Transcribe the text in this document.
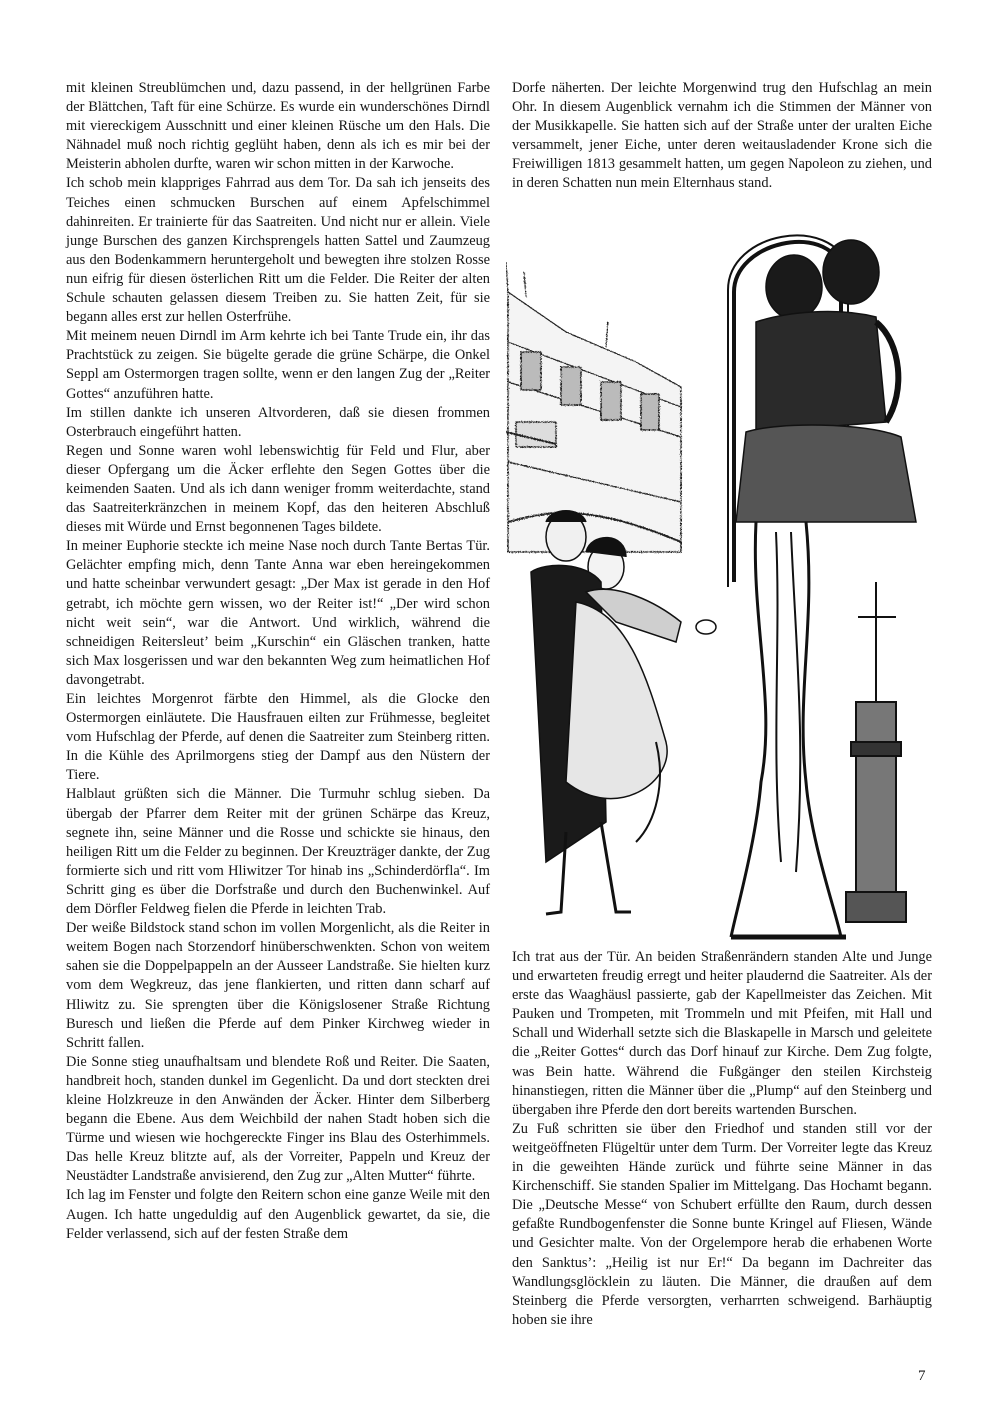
mit kleinen Streublümchen und, dazu passend, in der hellgrünen Farbe der Blättchen, Taft für eine Schürze. Es wurde ein wunderschönes Dirndl mit viereckigem Ausschnitt und einer kleinen Rüsche um den Hals. Die Nähnadel muß noch richtig geglüht haben, denn als ich es mir bei der Meisterin abholen durfte, waren wir schon mitten in der Karwoche.

Ich schob mein klappriges Fahrrad aus dem Tor. Da sah ich jenseits des Teiches einen schmucken Burschen auf einem Apfelschimmel dahinreiten. Er trainierte für das Saatreiten. Und nicht nur er allein. Viele junge Burschen des ganzen Kirchsprengels hatten Sattel und Zaumzeug aus den Bodenkammern heruntergeholt und bewegten ihre stolzen Rosse nun eifrig für diesen österlichen Ritt um die Felder. Die Reiter der alten Schule schauten gelassen diesem Treiben zu. Sie hatten Zeit, für sie begann alles erst zur hellen Osterfrühe.

Mit meinem neuen Dirndl im Arm kehrte ich bei Tante Trude ein, ihr das Prachtstück zu zeigen. Sie bügelte gerade die grüne Schärpe, die Onkel Seppl am Ostermorgen tragen sollte, wenn er den langen Zug der „Reiter Gottes“ anzuführen hatte.

Im stillen dankte ich unseren Altvorderen, daß sie diesen frommen Osterbrauch eingeführt hatten.

Regen und Sonne waren wohl lebenswichtig für Feld und Flur, aber dieser Opfergang um die Äcker erflehte den Segen Gottes über die keimenden Saaten. Und als ich dann weniger fromm weiterdachte, stand das Saatreiterkränzchen in meinem Kopf, das den heiteren Abschluß dieses mit Würde und Ernst begonnenen Tages bildete.

In meiner Euphorie steckte ich meine Nase noch durch Tante Bertas Tür. Gelächter empfing mich, denn Tante Anna war eben hereingekommen und hatte scheinbar verwundert gesagt: „Der Max ist gerade in den Hof getrabt, ich möchte gern wissen, wo der Reiter ist!“ „Der wird schon nicht weit sein“, war die Antwort. Und wirklich, während die schneidigen Reitersleut’ beim „Kurschin“ ein Gläschen tranken, hatte sich Max losgerissen und war den bekannten Weg zum heimatlichen Hof davongetrabt.

Ein leichtes Morgenrot färbte den Himmel, als die Glocke den Ostermorgen einläutete. Die Hausfrauen eilten zur Frühmesse, begleitet vom Hufschlag der Pferde, auf denen die Saatreiter zum Steinberg ritten. In die Kühle des Aprilmorgens stieg der Dampf aus den Nüstern der Tiere.

Halblaut grüßten sich die Männer. Die Turmuhr schlug sieben. Da übergab der Pfarrer dem Reiter mit der grünen Schärpe das Kreuz, segnete ihn, seine Männer und die Rosse und schickte sie hinaus, den heiligen Ritt um die Felder zu beginnen. Der Kreuzträger dankte, der Zug formierte sich und ritt vom Hliwitzer Tor hinab ins „Schinderdörfla“. Im Schritt ging es über die Dorfstraße und durch den Buchenwinkel. Auf dem Dörfler Feldweg fielen die Pferde in leichten Trab.

Der weiße Bildstock stand schon im vollen Morgenlicht, als die Reiter in weitem Bogen nach Storzendorf hinüberschwenkten. Schon von weitem sahen sie die Doppelpappeln an der Ausseer Landstraße. Sie hielten kurz vom dem Wegkreuz, das jene flankierten, und ritten dann scharf auf Hliwitz zu. Sie sprengten über die Königslosener Straße Richtung Buresch und ließen die Pferde auf dem Pinker Kirchweg wieder in Schritt fallen.

Die Sonne stieg unaufhaltsam und blendete Roß und Reiter. Die Saaten, handbreit hoch, standen dunkel im Gegenlicht. Da und dort steckten drei kleine Holzkreuze in den Anwänden der Äcker. Hinter dem Silberberg begann die Ebene. Aus dem Weichbild der nahen Stadt hoben sich die Türme und wiesen wie hochgereckte Finger ins Blau des Osterhimmels. Das helle Kreuz blitzte auf, als der Vorreiter, Pappeln und Kreuz der Neustädter Landstraße anvisierend, den Zug zur „Alten Mutter“ führte.

Ich lag im Fenster und folgte den Reitern schon eine ganze Weile mit den Augen. Ich hatte ungeduldig auf den Augenblick gewartet, da sie, die Felder verlassend, sich auf der festen Straße dem

Dorfe näherten. Der leichte Morgenwind trug den Hufschlag an mein Ohr. In diesem Augenblick vernahm ich die Stimmen der Männer von der Musikkapelle. Sie hatten sich auf der Straße unter der uralten Eiche versammelt, jener Eiche, unter deren weitausladender Krone sich die Freiwilligen 1813 gesammelt hatten, um gegen Napoleon zu ziehen, und in deren Schatten nun mein Elternhaus stand.

Ich trat aus der Tür. An beiden Straßenrändern standen Alte und Junge und erwarteten freudig erregt und heiter plaudernd die Saatreiter. Als der erste das Waaghäusl passierte, gab der Kapellmeister das Zeichen. Mit Pauken und Trompeten, mit Trommeln und mit Pfeifen, mit Hall und Schall und Widerhall setzte sich die Blaskapelle in Marsch und geleitete die „Reiter Gottes“ durch das Dorf hinauf zur Kirche. Dem Zug folgte, was Bein hatte. Während die Fußgänger den steilen Kirchsteig hinanstiegen, ritten die Männer über die „Plump“ auf den Steinberg und übergaben ihre Pferde den dort bereits wartenden Burschen.

Zu Fuß schritten sie über den Friedhof und standen still vor der weitgeöffneten Flügeltür unter dem Turm. Der Vorreiter legte das Kreuz in die geweihten Hände zurück und führte seine Männer in das Kirchenschiff. Sie standen Spalier im Mittelgang. Das Hochamt begann. Die „Deutsche Messe“ von Schubert erfüllte den Raum, durch dessen gefaßte Rundbogenfenster die Sonne bunte Kringel auf Fliesen, Wände und Gesichter malte. Von der Orgelempore herab die erhabenen Worte den Sanktus’: „Heilig ist nur Er!“ Da begann im Dachreiter das Wandlungsglöcklein zu läuten. Die Männer, die draußen auf dem Steinberg die Pferde versorgten, verharrten schweigend. Barhäuptig hoben sie ihre

7
